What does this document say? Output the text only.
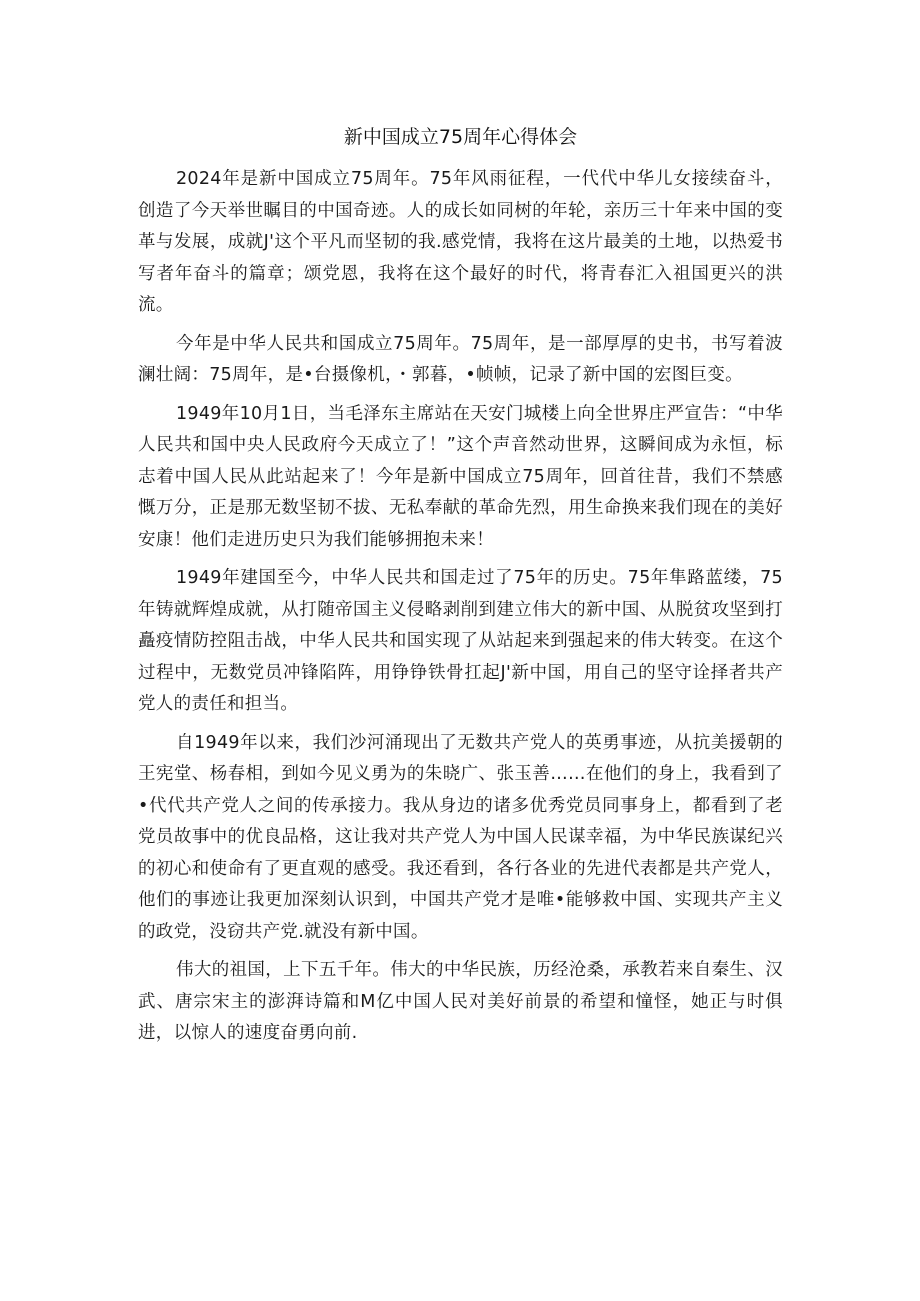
新中国成立75周年心得体会

2024年是新中国成立75周年。75年风雨征程，一代代中华儿女接续奋斗，创造了今天举世瞩目的中国奇迹。人的成长如同树的年轮，亲历三十年来中国的变革与发展，成就J'这个平凡而坚韧的我.感党情，我将在这片最美的土地，以热爱书写者年奋斗的篇章；颂党恩，我将在这个最好的时代，将青春汇入祖国更兴的洪流。

今年是中华人民共和国成立75周年。75周年，是一部厚厚的史书，书写着波澜壮阔：75周年，是•台摄像机，・郭暮，•帧帧，记录了新中国的宏图巨变。

1949年10月1日，当毛泽东主席站在天安门城楼上向全世界庄严宣告：“中华人民共和国中央人民政府今天成立了！”这个声音然动世界，这瞬间成为永恒，标志着中国人民从此站起来了！今年是新中国成立75周年，回首往昔，我们不禁感慨万分，正是那无数坚韧不拔、无私奉献的革命先烈，用生命换来我们现在的美好安康！他们走进历史只为我们能够拥抱未来！

1949年建国至今，中华人民共和国走过了75年的历史。75年隼路蓝缕，75年铸就辉煌成就，从打随帝国主义侵略剥削到建立伟大的新中国、从脱贫攻坚到打矗疫情防控阻击战，中华人民共和国实现了从站起来到强起来的伟大转变。在这个过程中，无数党员冲锋陷阵，用铮铮铁骨扛起J'新中国，用自己的坚守诠择者共产党人的责任和担当。

自1949年以来，我们沙河涌现出了无数共产党人的英勇事迹，从抗美援朝的王宪堂、杨春相，到如今见义勇为的朱晓广、张玉善……在他们的身上，我看到了•代代共产党人之间的传承接力。我从身边的诸多优秀党员同事身上，都看到了老党员故事中的优良品格，这让我对共产党人为中国人民谋幸福，为中华民族谋纪兴的初心和使命有了更直观的感受。我还看到，各行各业的先进代表都是共产党人，他们的事迹让我更加深刻认识到，中国共产党才是唯•能够救中国、实现共产主义的政党，没窃共产党.就没有新中国。

伟大的祖国，上下五千年。伟大的中华民族，历经沧桑，承教若来自秦生、汉武、唐宗宋主的澎湃诗篇和M亿中国人民对美好前景的希望和憧怪，她正与时俱进，以惊人的速度奋勇向前.
